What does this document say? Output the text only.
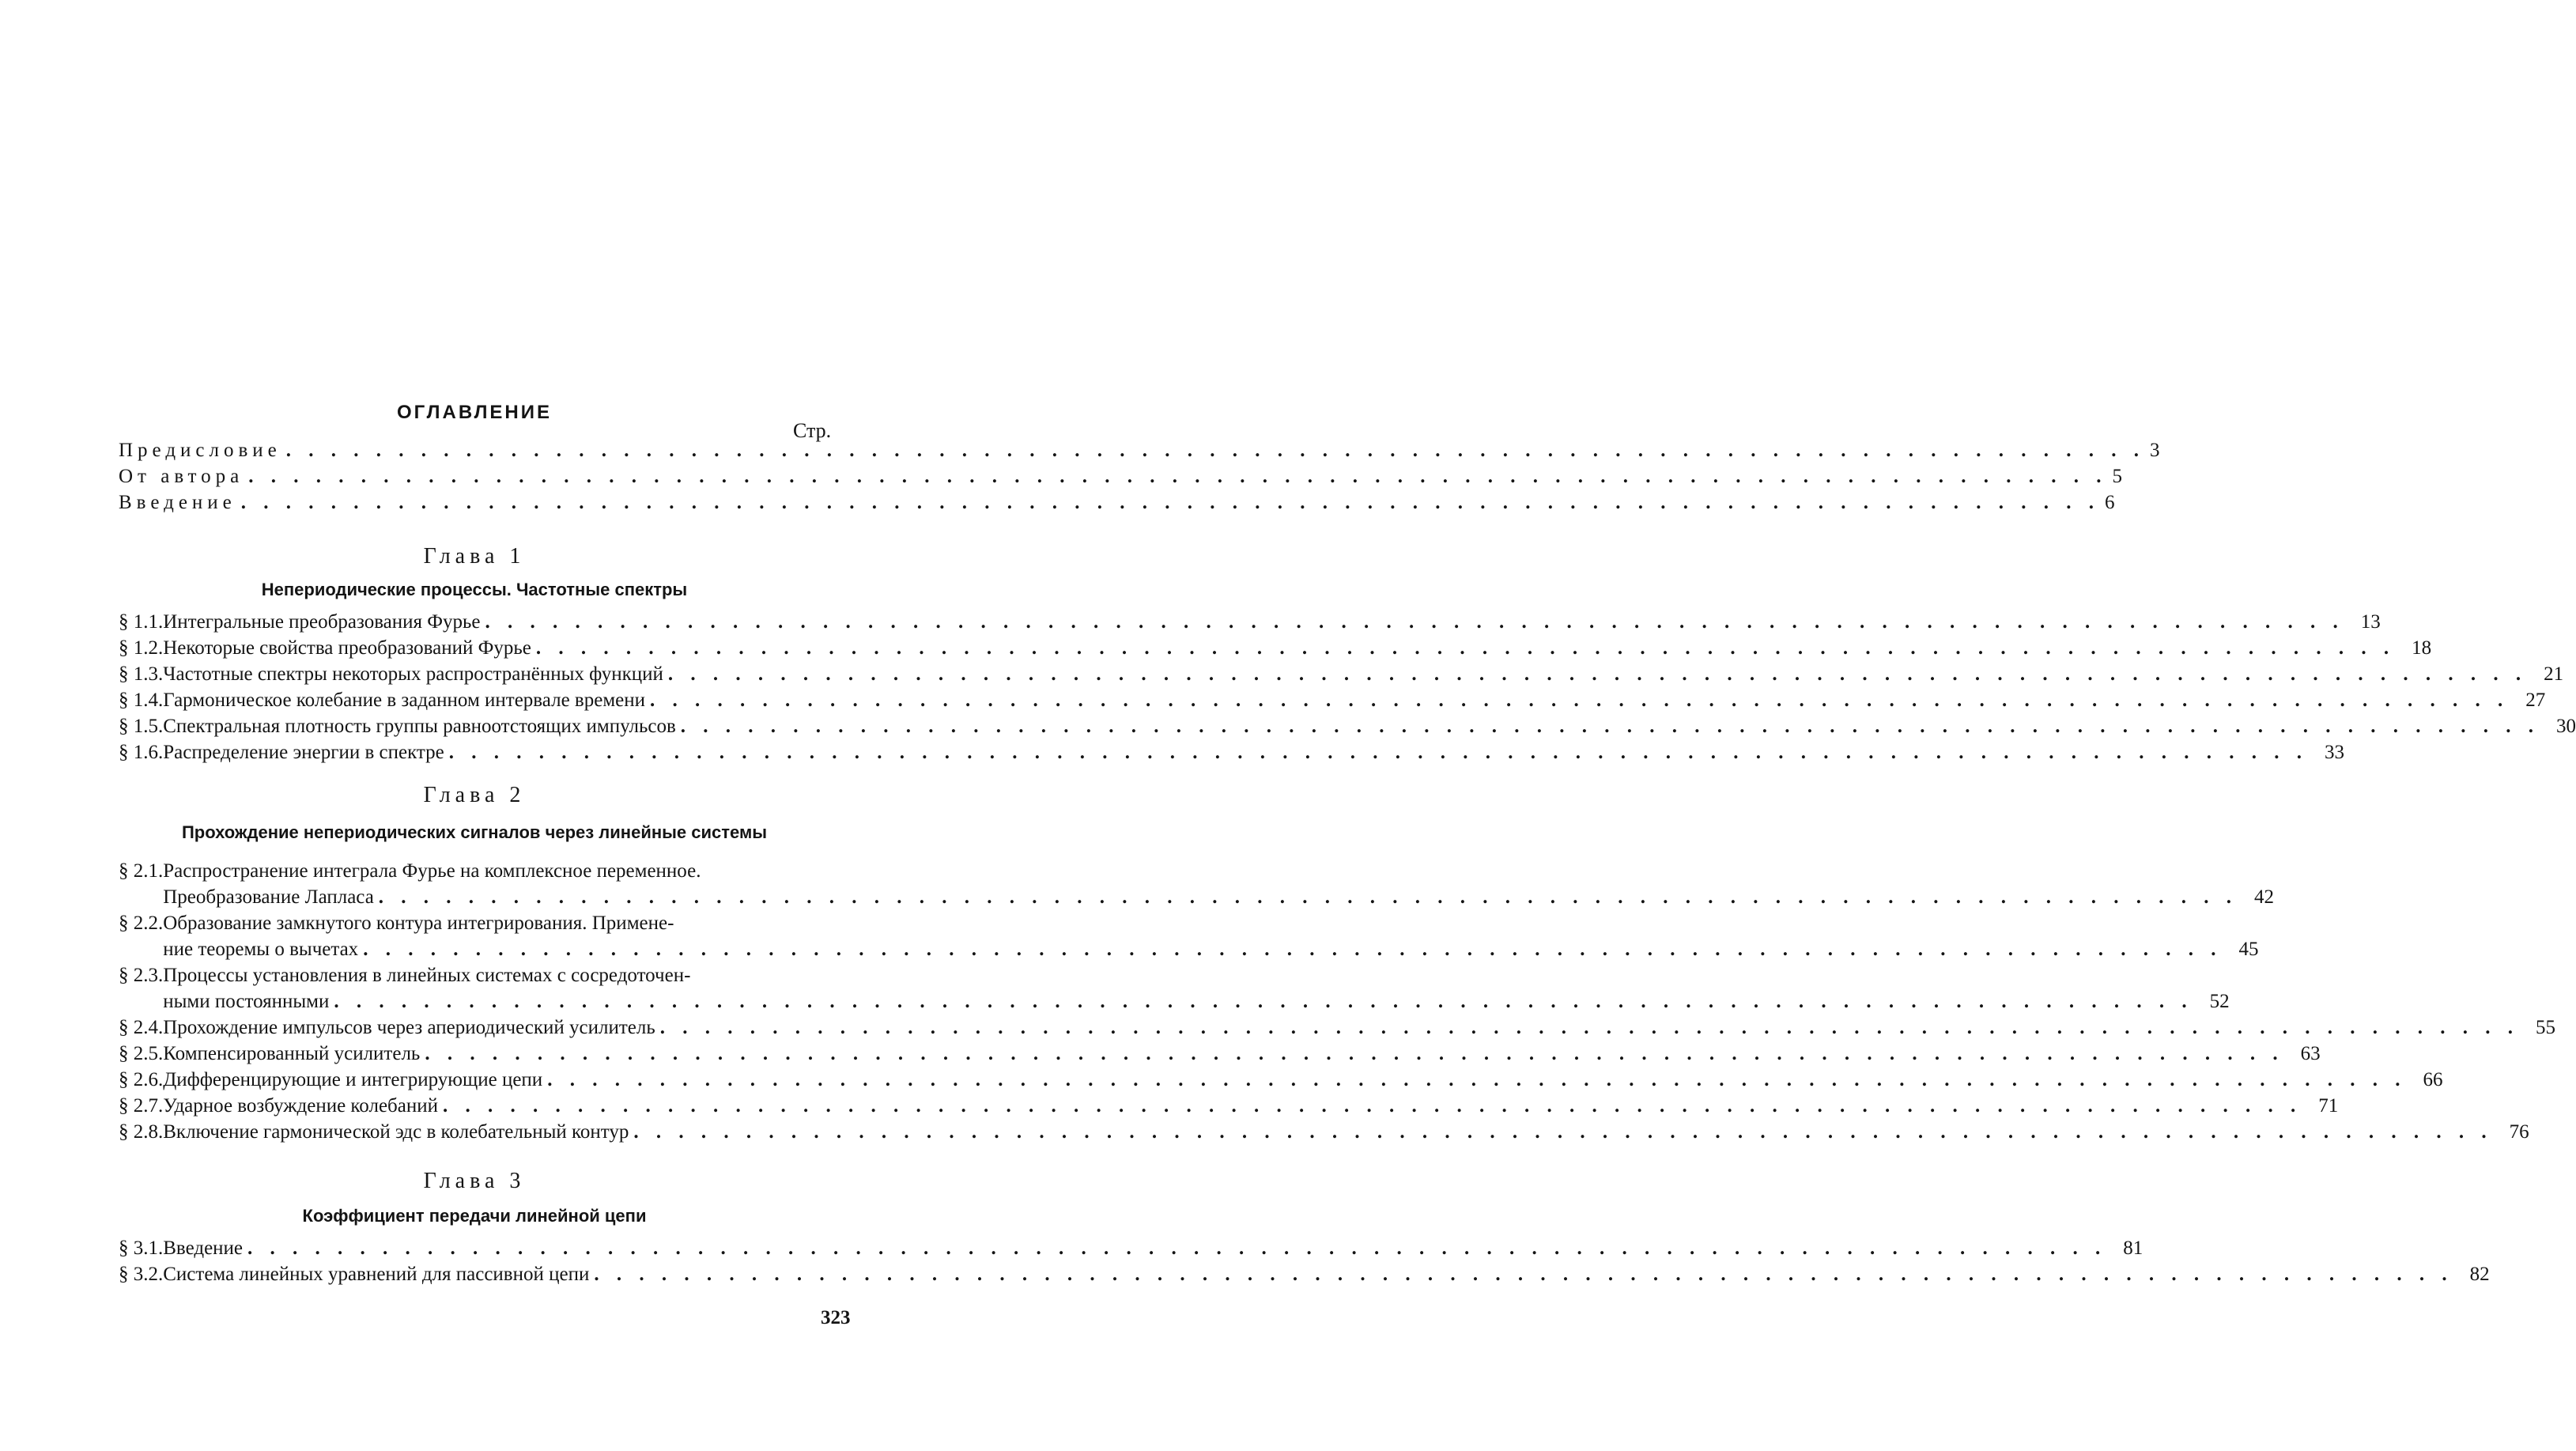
ОГЛАВЛЕНИЕ
Стр.
Предисловие . . .	3
От автора . . .	5
Введение . . .	6
Глава 1
Непериодические процессы. Частотные спектры
§ 1.1. Интегральные преобразования Фурье . . .	13
§ 1.2. Некоторые свойства преобразований Фурье . . .	18
§ 1.3. Частотные спектры некоторых распространённых функций . . .	21
§ 1.4. Гармоническое колебание в заданном интервале времени . . .	27
§ 1.5. Спектральная плотность группы равноотстоящих импульсов . . .	30
§ 1.6. Распределение энергии в спектре . . .	33
Глава 2
Прохождение непериодических сигналов через линейные системы
§ 2.1. Распространение интеграла Фурье на комплексное переменное.
Преобразование Лапласа . . .	42
§ 2.2. Образование замкнутого контура интегрирования. Примене-
ние теоремы о вычетах . . .	45
§ 2.3. Процессы установления в линейных системах с сосредоточен-
ными постоянными . . .	52
§ 2.4. Прохождение импульсов через апериодический усилитель . . .	55
§ 2.5. Компенсированный усилитель . . .	63
§ 2.6. Дифференцирующие и интегрирующие цепи . . .	66
§ 2.7. Ударное возбуждение колебаний . . .	71
§ 2.8. Включение гармонической эдс в колебательный контур . . .	76
Глава 3
Коэффициент передачи линейной цепи
§ 3.1. Введение . . .	81
§ 3.2. Система линейных уравнений для пассивной цепи . . .	82
323
